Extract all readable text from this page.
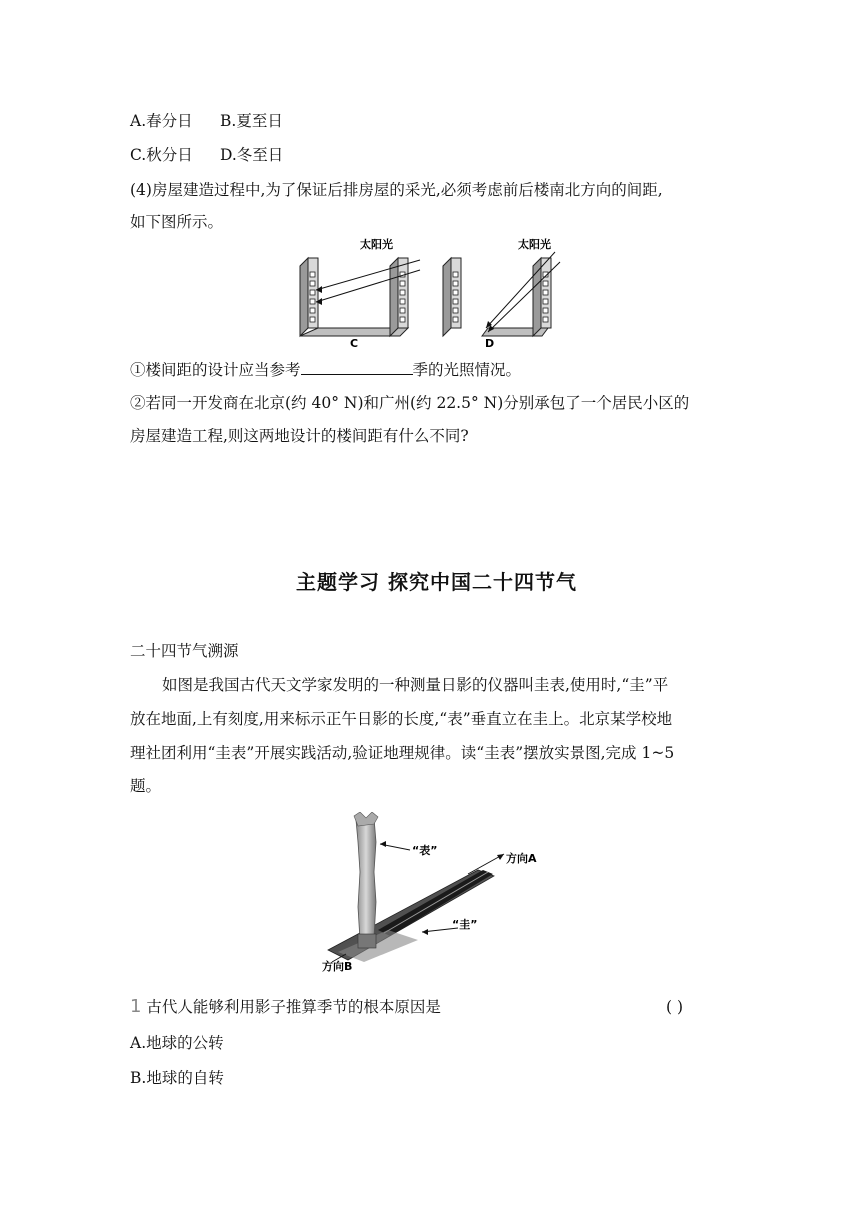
A.春分日 B.夏至日
C.秋分日 D.冬至日
(4)房屋建造过程中,为了保证后排房屋的采光,必须考虑前后楼南北方向的间距,
如下图所示。
太阳光
C
太阳光
D
①楼间距的设计应当参考	季的光照情况。
②若同一开发商在北京(约 40° N)和广州(约 22.5° N)分别承包了一个居民小区的
房屋建造工程,则这两地设计的楼间距有什么不同?
主题学习 探究中国二十四节气
二十四节气溯源
如图是我国古代天文学家发明的一种测量日影的仪器叫圭表,使用时,“圭”平
放在地面,上有刻度,用来标示正午日影的长度,“表”垂直立在圭上。北京某学校地
理社团利用“圭表”开展实践活动,验证地理规律。读“圭表”摆放实景图,完成 1~5
题。
“表”
“圭”
方向A
方向B
1 古代人能够利用影子推算季节的根本原因是	( )
A.地球的公转
B.地球的自转
